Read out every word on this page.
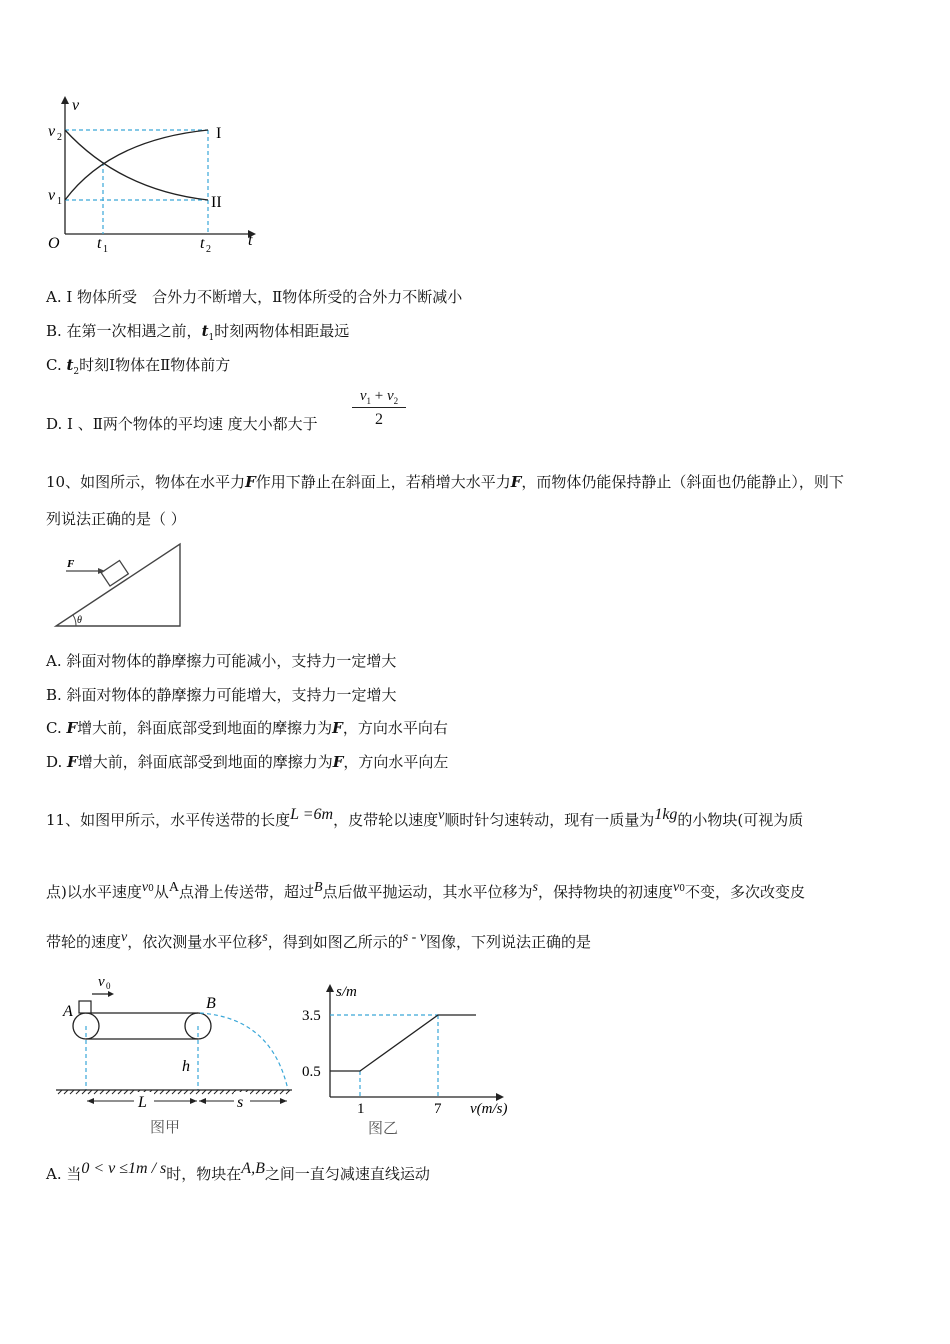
v
t
O
v 2
v 1
t 1	t 2
I
II
A. Ⅰ 物体所受　合外力不断增大，Ⅱ物体所受的合外力不断减小
B. 在第一次相遇之前，$t_1$时刻两物体相距最远
C. $t_2$时刻Ⅰ物体在Ⅱ物体前方
D. Ⅰ 、Ⅱ两个物体的平均速 度大小都大于 $\frac{v_1 + v_2}{2}$
10、如图所示，物体在水平力F作用下静止在斜面上，若稍增大水平力F，而物体仍能保持静止（斜面也仍能静止），则下
列说法正确的是（ ）
F
θ
A. 斜面对物体的静摩擦力可能减小，支持力一定增大
B. 斜面对物体的静摩擦力可能增大，支持力一定增大
C. F增大前，斜面底部受到地面的摩擦力为F，方向水平向右
D. F增大前，斜面底部受到地面的摩擦力为F，方向水平向左
11、如图甲所示，水平传送带的长度L =6m，皮带轮以速度v顺时针匀速转动，现有一质量为1kg的小物块(可视为质
点)以水平速度$v_0$从A点滑上传送带，超过B点后做平抛运动，其水平位移为s，保持物块的初速度$v_0$不变，多次改变皮
带轮的速度v，依次测量水平位移s，得到如图乙所示的s - v图像，下列说法正确的是
v 0
A	B
h
L	s
图甲
s/m
3.5
0.5
1	7 v(m/s)
图乙
A. 当0 < v ≤1m / s时，物块在A,B之间一直匀减速直线运动
